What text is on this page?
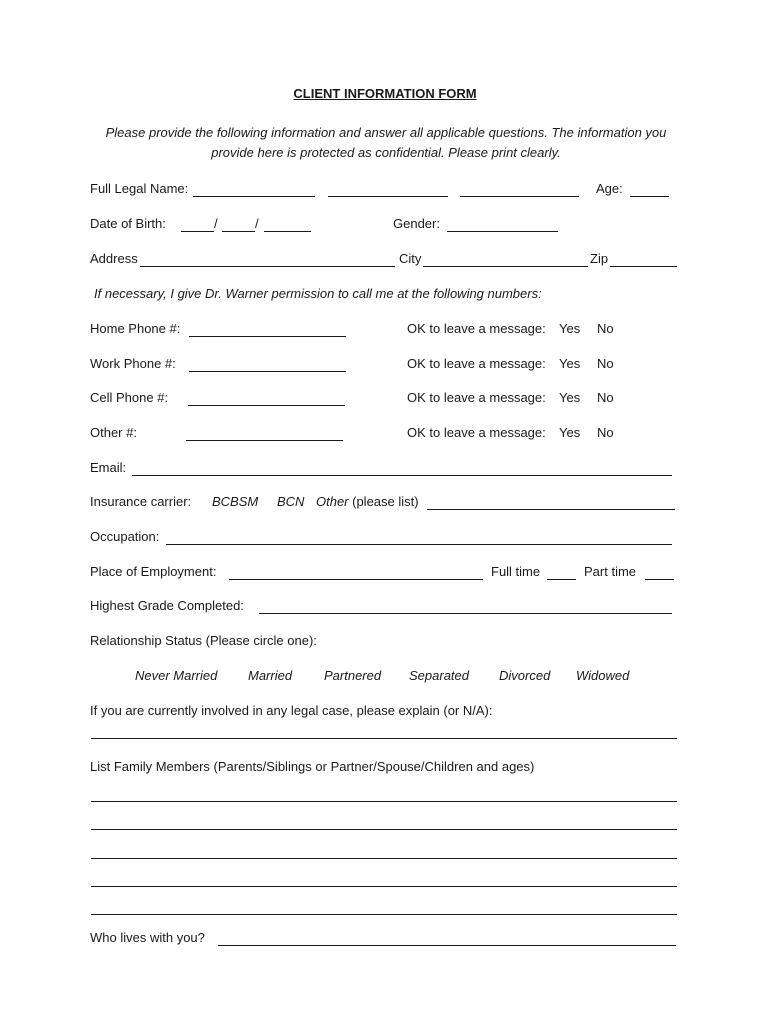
CLIENT INFORMATION FORM
Please provide the following information and answer all applicable questions. The information you provide here is protected as confidential. Please print clearly.
Full Legal Name:	Age:
Date of Birth:	/	/	Gender:
Address	City	Zip
If necessary, I give Dr. Warner permission to call me at the following numbers:
Home Phone #:	OK to leave a message: Yes No
Work Phone #:	OK to leave a message: Yes No
Cell Phone #:	OK to leave a message: Yes No
Other #:	OK to leave a message: Yes No
Email:
Insurance carrier: BCBSM BCN Other (please list)
Occupation:
Place of Employment:	Full time	Part time
Highest Grade Completed:
Relationship Status (Please circle one):
Never Married Married Partnered Separated Divorced Widowed
If you are currently involved in any legal case, please explain (or N/A):
List Family Members (Parents/Siblings or Partner/Spouse/Children and ages)
Who lives with you?
